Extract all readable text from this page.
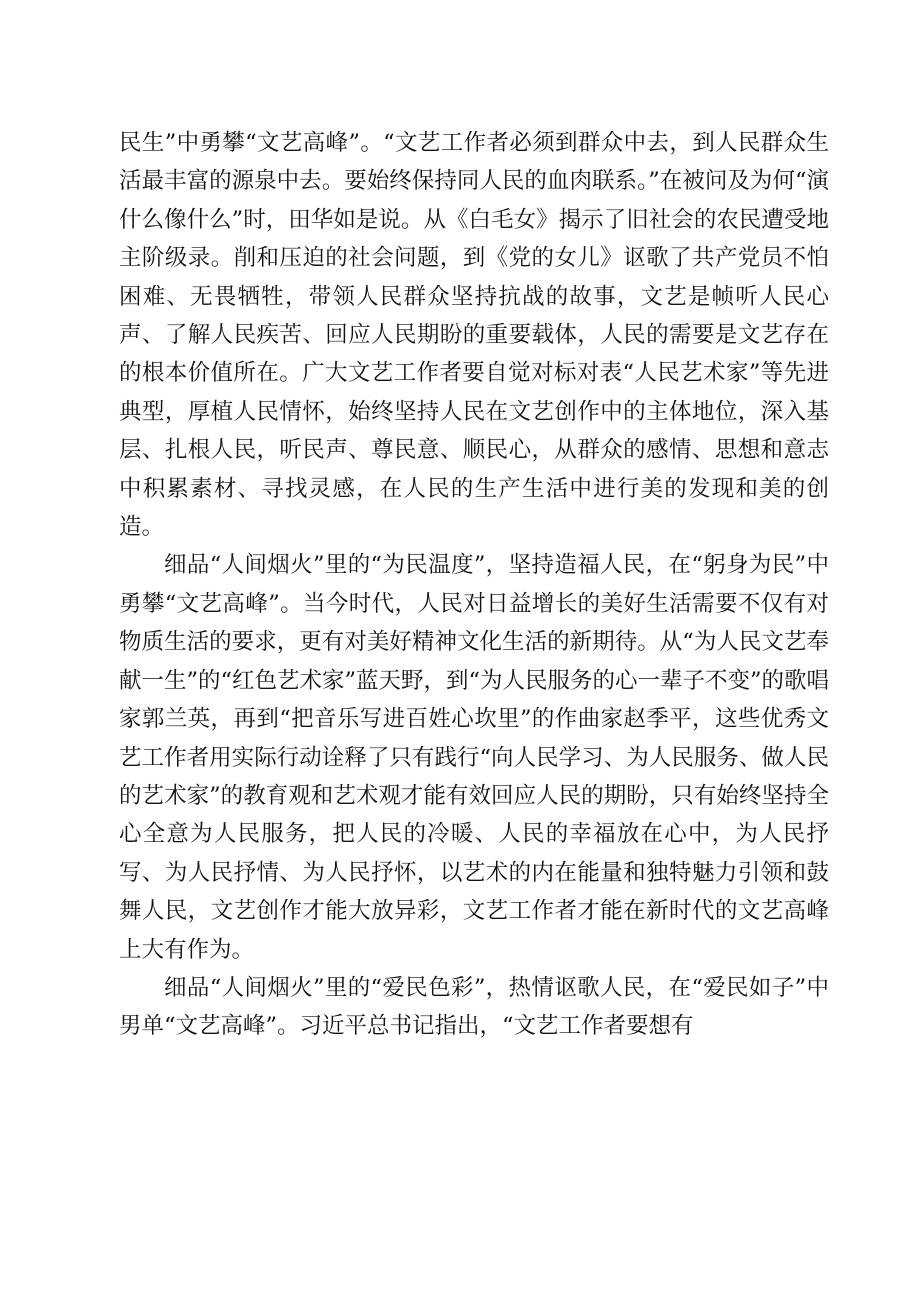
民生”中勇攀“文艺高峰”。“文艺工作者必须到群众中去，到人民群众生活最丰富的源泉中去。要始终保持同人民的血肉联系。”在被问及为何“演什么像什么”时，田华如是说。从《白毛女》揭示了旧社会的农民遭受地主阶级录。削和压迫的社会问题，到《党的女儿》讴歌了共产党员不怕困难、无畏牺牲，带领人民群众坚持抗战的故事，文艺是帧听人民心声、了解人民疾苦、回应人民期盼的重要载体，人民的需要是文艺存在的根本价值所在。广大文艺工作者要自觉对标对表“人民艺术家”等先进典型，厚植人民情怀，始终坚持人民在文艺创作中的主体地位，深入基层、扎根人民，听民声、尊民意、顺民心，从群众的感情、思想和意志中积累素材、寻找灵感，在人民的生产生活中进行美的发现和美的创造。

细品“人间烟火”里的“为民温度”，坚持造福人民，在“躬身为民”中勇攀“文艺高峰”。当今时代，人民对日益增长的美好生活需要不仅有对物质生活的要求，更有对美好精神文化生活的新期待。从“为人民文艺奉献一生”的“红色艺术家”蓝天野，到“为人民服务的心一辈子不变”的歌唱家郭兰英，再到“把音乐写进百姓心坎里”的作曲家赵季平，这些优秀文艺工作者用实际行动诠释了只有践行“向人民学习、为人民服务、做人民的艺术家”的教育观和艺术观才能有效回应人民的期盼，只有始终坚持全心全意为人民服务，把人民的冷暖、人民的幸福放在心中，为人民抒写、为人民抒情、为人民抒怀，以艺术的内在能量和独特魅力引领和鼓舞人民，文艺创作才能大放异彩，文艺工作者才能在新时代的文艺高峰上大有作为。

细品“人间烟火”里的“爱民色彩”，热情讴歌人民，在“爱民如子”中男单“文艺高峰”。习近平总书记指出，“文艺工作者要想有
